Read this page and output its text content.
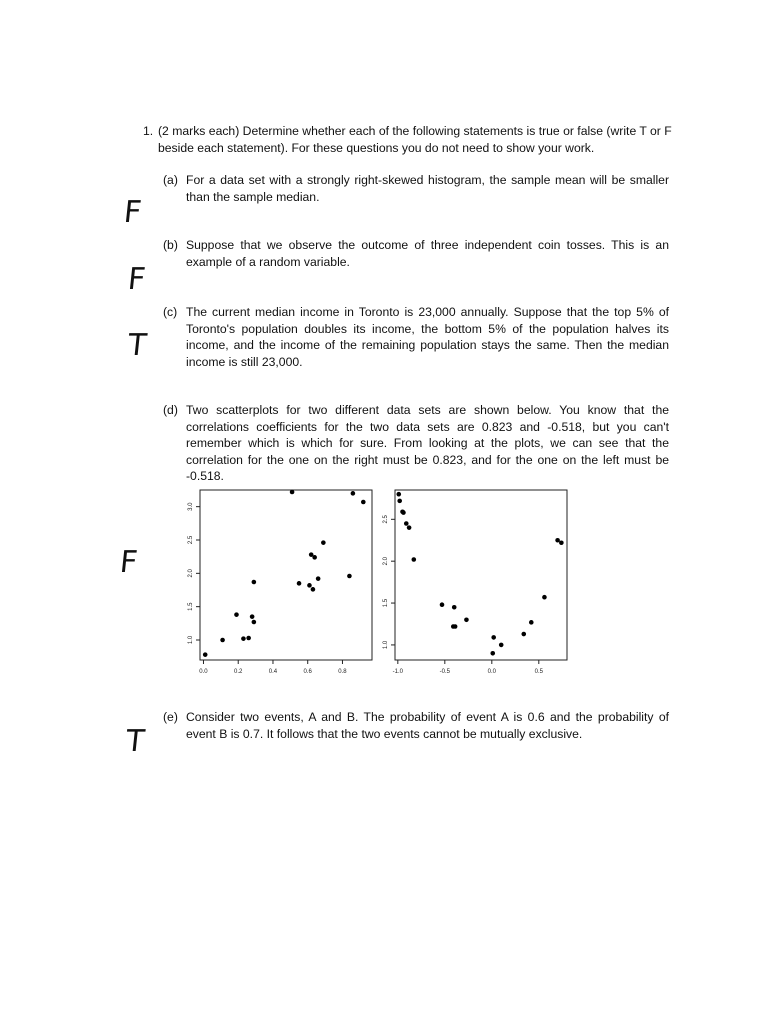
1. (2 marks each) Determine whether each of the following statements is true or false (write T or F beside each statement). For these questions you do not need to show your work.
(a) For a data set with a strongly right-skewed histogram, the sample mean will be smaller than the sample median.
F
(b) Suppose that we observe the outcome of three independent coin tosses. This is an example of a random variable.
F
(c) The current median income in Toronto is 23,000 annually. Suppose that the top 5% of Toronto's population doubles its income, the bottom 5% of the population halves its income, and the income of the remaining population stays the same. Then the median income is still 23,000.
T
(d) Two scatterplots for two different data sets are shown below. You know that the correlations coefficients for the two data sets are 0.823 and -0.518, but you can't remember which is which for sure. From looking at the plots, we can see that the correlation for the one on the right must be 0.823, and for the one on the left must be -0.518.
F
0.0	0.2	0.4	0.6	0.8
1.0
1.5
2.0
2.5
3.0
-1.0	-0.5	0.0	0.5
1.0
1.5
2.0
2.5
(e) Consider two events, A and B. The probability of event A is 0.6 and the probability of event B is 0.7. It follows that the two events cannot be mutually exclusive.
T
